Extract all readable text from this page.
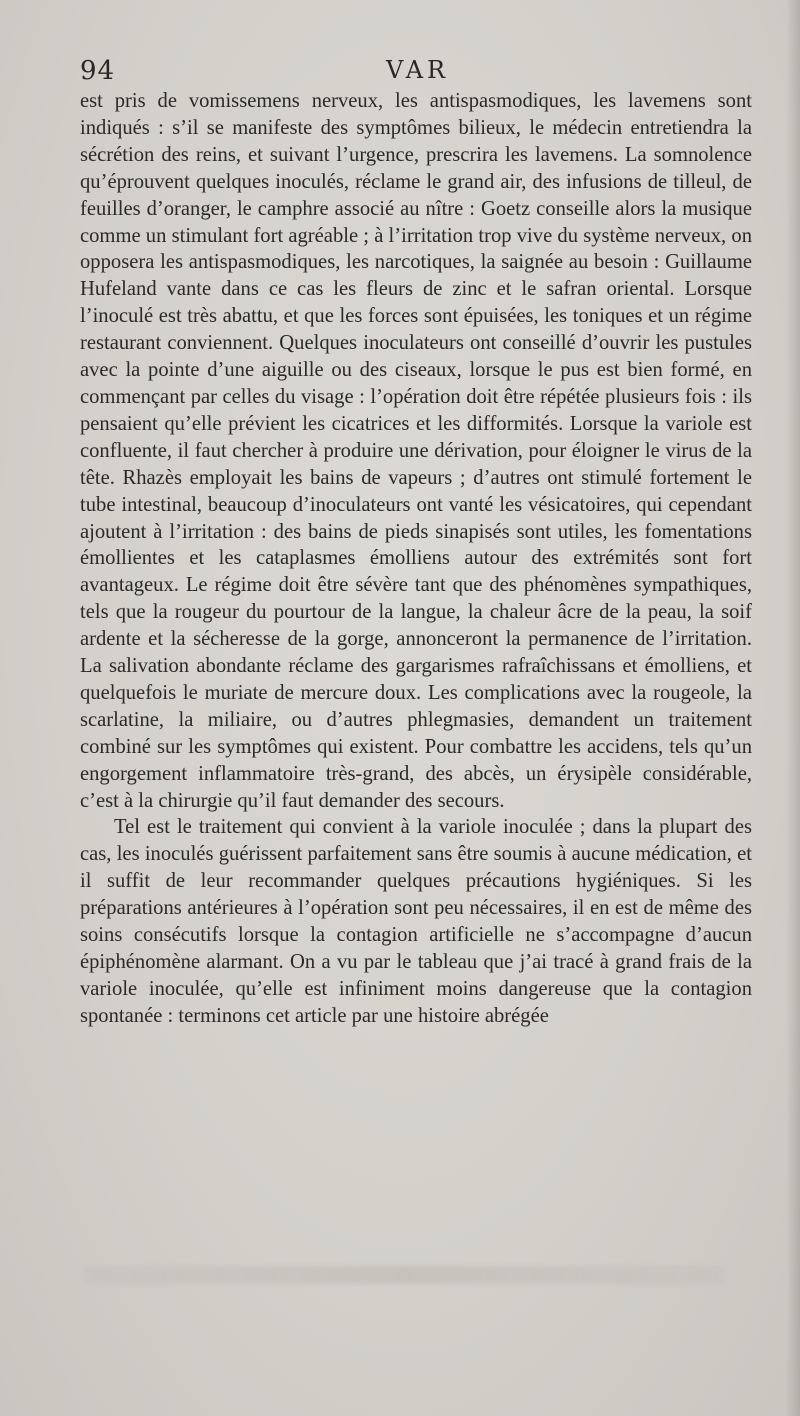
94	VAR

est pris de vomissemens nerveux, les antispasmodiques, les lavemens sont indiqués : s’il se manifeste des symptômes bilieux, le médecin entretiendra la sécrétion des reins, et suivant l’urgence, prescrira les lavemens. La somnolence qu’éprouvent quelques inoculés, réclame le grand air, des infusions de tilleul, de feuilles d’oranger, le camphre associé au nître : Goetz conseille alors la musique comme un stimulant fort agréable ; à l’irritation trop vive du système nerveux, on opposera les antispasmodiques, les narcotiques, la saignée au besoin : Guillaume Hufeland vante dans ce cas les fleurs de zinc et le safran oriental. Lorsque l’inoculé est très abattu, et que les forces sont épuisées, les toniques et un régime restaurant conviennent. Quelques inoculateurs ont conseillé d’ouvrir les pustules avec la pointe d’une aiguille ou des ciseaux, lorsque le pus est bien formé, en commençant par celles du visage : l’opération doit être répétée plusieurs fois : ils pensaient qu’elle prévient les cicatrices et les difformités. Lorsque la variole est confluente, il faut chercher à produire une dérivation, pour éloigner le virus de la tête. Rhazès employait les bains de vapeurs ; d’autres ont stimulé fortement le tube intestinal, beaucoup d’inoculateurs ont vanté les vésicatoires, qui cependant ajoutent à l’irritation : des bains de pieds sinapisés sont utiles, les fomentations émollientes et les cataplasmes émolliens autour des extrémités sont fort avantageux. Le régime doit être sévère tant que des phénomènes sympathiques, tels que la rougeur du pourtour de la langue, la chaleur âcre de la peau, la soif ardente et la sécheresse de la gorge, annonceront la permanence de l’irritation. La salivation abondante réclame des gargarismes rafraîchissans et émolliens, et quelquefois le muriate de mercure doux. Les complications avec la rougeole, la scarlatine, la miliaire, ou d’autres phlegmasies, demandent un traitement combiné sur les symptômes qui existent. Pour combattre les accidens, tels qu’un engorgement inflammatoire très-grand, des abcès, un érysipèle considérable, c’est à la chirurgie qu’il faut demander des secours.

Tel est le traitement qui convient à la variole inoculée ; dans la plupart des cas, les inoculés guérissent parfaitement sans être soumis à aucune médication, et il suffit de leur recommander quelques précautions hygiéniques. Si les préparations antérieures à l’opération sont peu nécessaires, il en est de même des soins consécutifs lorsque la contagion artificielle ne s’accompagne d’aucun épiphénomène alarmant. On a vu par le tableau que j’ai tracé à grand frais de la variole inoculée, qu’elle est infiniment moins dangereuse que la contagion spontanée : terminons cet article par une histoire abrégée
